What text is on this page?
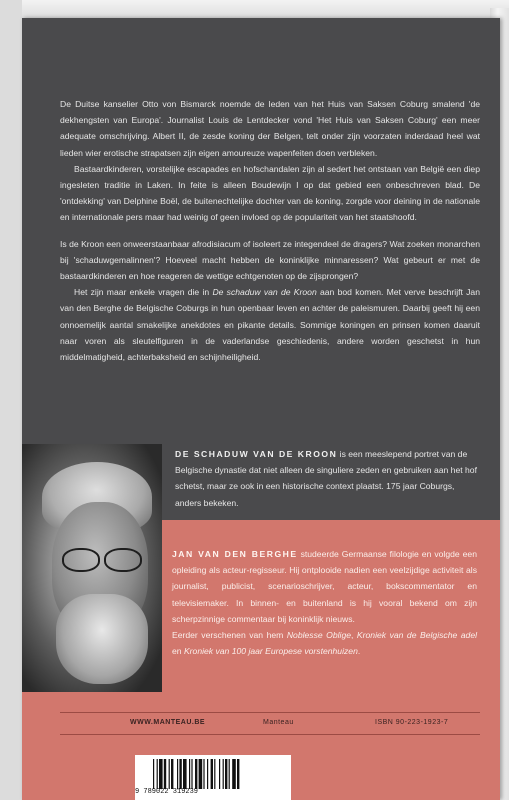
De Duitse kanselier Otto von Bismarck noemde de leden van het Huis van Saksen Coburg smalend 'de dekhengsten van Europa'. Journalist Louis de Lentdecker vond 'Het Huis van Saksen Coburg' een meer adequate omschrijving. Albert II, de zesde koning der Belgen, telt onder zijn voorzaten inderdaad heel wat lieden wier erotische strapatsen zijn eigen amoureuze wapenfeiten doen verbleken.

Bastaardkinderen, vorstelijke escapades en hofschandalen zijn al sedert het ontstaan van België een diep ingesleten traditie in Laken. In feite is alleen Boudewijn I op dat gebied een onbeschreven blad. De 'ontdekking' van Delphine Boël, de buitenechtelijke dochter van de koning, zorgde voor deining in de nationale en internationale pers maar had weinig of geen invloed op de populariteit van het staatshoofd.

Is de Kroon een onweerstaanbaar afrodisiacum of isoleert ze integendeel de dragers? Wat zoeken monarchen bij 'schaduwgemalinnen'? Hoeveel macht hebben de koninklijke minnaressen? Wat gebeurt er met de bastaardkinderen en hoe reageren de wettige echtgenoten op de zijsprongen?

Het zijn maar enkele vragen die in De schaduw van de Kroon aan bod komen. Met verve beschrijft Jan van den Berghe de Belgische Coburgs in hun openbaar leven en achter de paleismuren. Daarbij geeft hij een onnoemelijk aantal smakelijke anekdotes en pikante details. Sommige koningen en prinsen komen daaruit naar voren als sleutelfiguren in de vaderlandse geschiedenis, andere worden geschetst in hun middelmatigheid, achterbaksheid en schijnheiligheid.

DE SCHADUW VAN DE KROON is een meeslepend portret van de Belgische dynastie dat niet alleen de singuliere zeden en gebruiken aan het hof schetst, maar ze ook in een historische context plaatst. 175 jaar Coburgs, anders bekeken.
JAN VAN DEN BERGHE studeerde Germaanse filologie en volgde een opleiding als acteur-regisseur. Hij ontplooide nadien een veelzijdige activiteit als journalist, publicist, scenarioschrijver, acteur, bokscommentator en televisiemaker. In binnen- en buitenland is hij vooral bekend om zijn scherpzinnige commentaar bij koninklijk nieuws.
Eerder verschenen van hem Noblesse Oblige, Kroniek van de Belgische adel en Kroniek van 100 jaar Europese vorstenhuizen.
WWW.MANTEAU.BE	Manteau	ISBN 90-223-1923-7
9 789022 319239
